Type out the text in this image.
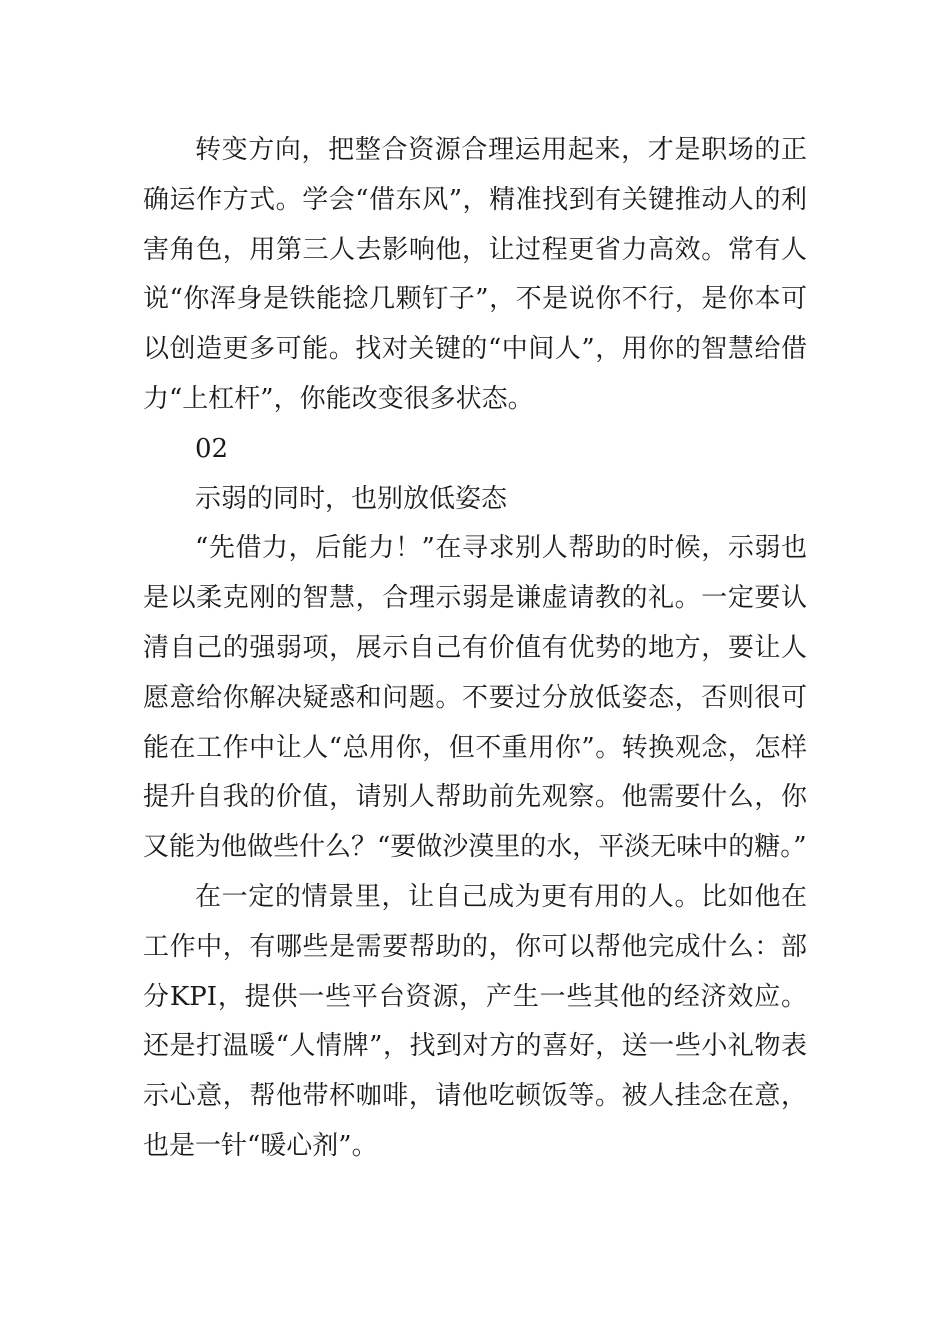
转变方向，把整合资源合理运用起来，才是职场的正确运作方式。学会“借东风”，精准找到有关键推动人的利害角色，用第三人去影响他，让过程更省力高效。常有人说“你浑身是铁能捻几颗钉子”，不是说你不行，是你本可以创造更多可能。找对关键的“中间人”，用你的智慧给借力“上杠杆”，你能改变很多状态。

02

示弱的同时，也别放低姿态

“先借力，后能力！”在寻求别人帮助的时候，示弱也是以柔克刚的智慧，合理示弱是谦虚请教的礼。一定要认清自己的强弱项，展示自己有价值有优势的地方，要让人愿意给你解决疑惑和问题。不要过分放低姿态，否则很可能在工作中让人“总用你，但不重用你”。转换观念，怎样提升自我的价值，请别人帮助前先观察。他需要什么，你又能为他做些什么？“要做沙漠里的水，平淡无味中的糖。”

在一定的情景里，让自己成为更有用的人。比如他在工作中，有哪些是需要帮助的，你可以帮他完成什么：部分KPI，提供一些平台资源，产生一些其他的经济效应。还是打温暖“人情牌”，找到对方的喜好，送一些小礼物表示心意，帮他带杯咖啡，请他吃顿饭等。被人挂念在意，也是一针“暖心剂”。
